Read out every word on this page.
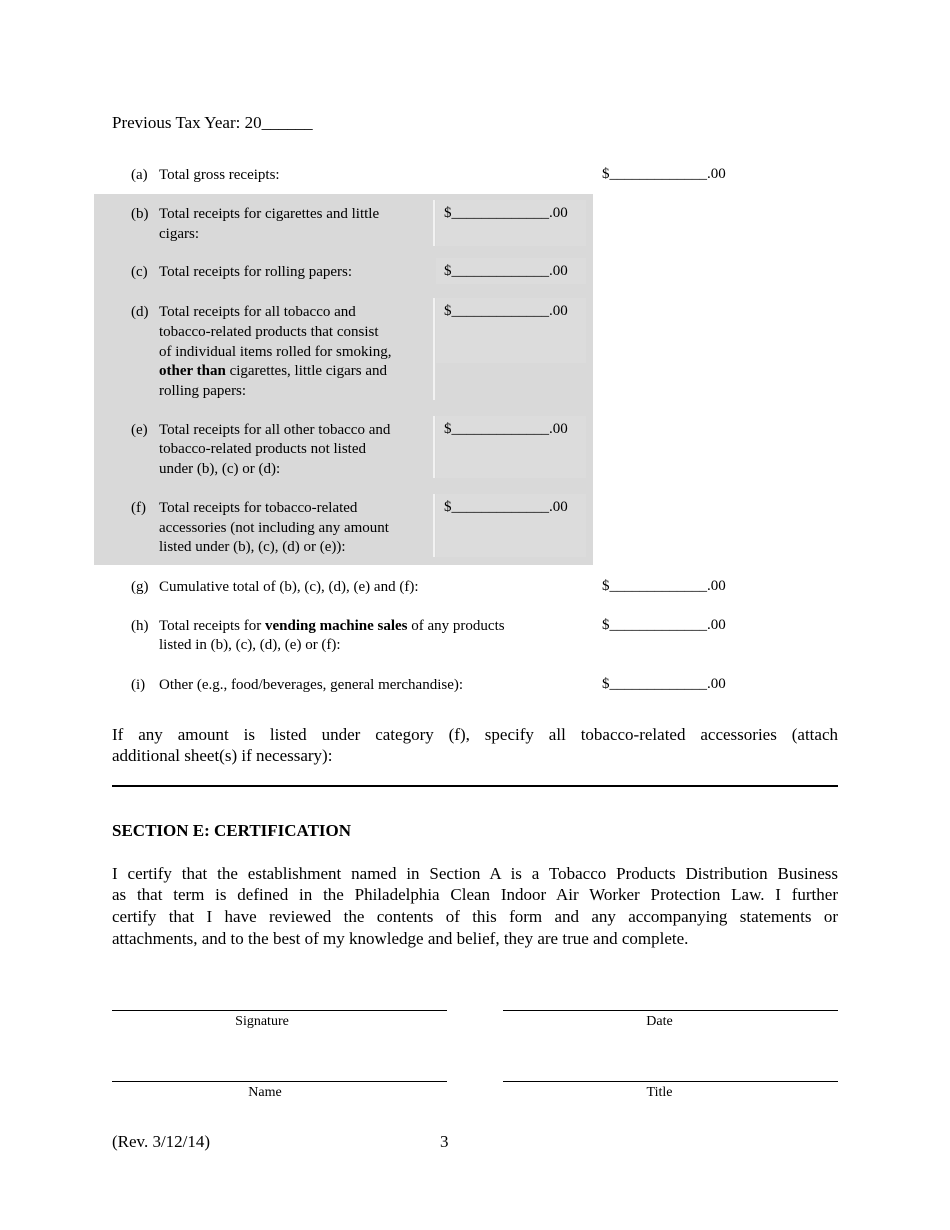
Previous Tax Year: 20______
(a) Total gross receipts:	$_____________.00
(b) Total receipts for cigarettes and little
cigars:
$_____________.00
(c) Total receipts for rolling papers:	$_____________.00
(d) Total receipts for all tobacco and
tobacco-related products that consist
of individual items rolled for smoking,
other than cigarettes, little cigars and
rolling papers:
$_____________.00
(e) Total receipts for all other tobacco and
tobacco-related products not listed
under (b), (c) or (d):
$_____________.00
(f) Total receipts for tobacco-related
accessories (not including any amount
listed under (b), (c), (d) or (e)):
$_____________.00
(g) Cumulative total of (b), (c), (d), (e) and (f):	$_____________.00
(h) Total receipts for vending machine sales of any products
listed in (b), (c), (d), (e) or (f):
$_____________.00
(i) Other (e.g., food/beverages, general merchandise):	$_____________.00
If any amount is listed under category (f), specify all tobacco-related accessories (attach
additional sheet(s) if necessary):
SECTION E: CERTIFICATION
I certify that the establishment named in Section A is a Tobacco Products Distribution Business
as that term is defined in the Philadelphia Clean Indoor Air Worker Protection Law. I further
certify that I have reviewed the contents of this form and any accompanying statements or
attachments, and to the best of my knowledge and belief, they are true and complete.
Signature	Date
Name	Title
(Rev. 3/12/14)	3
